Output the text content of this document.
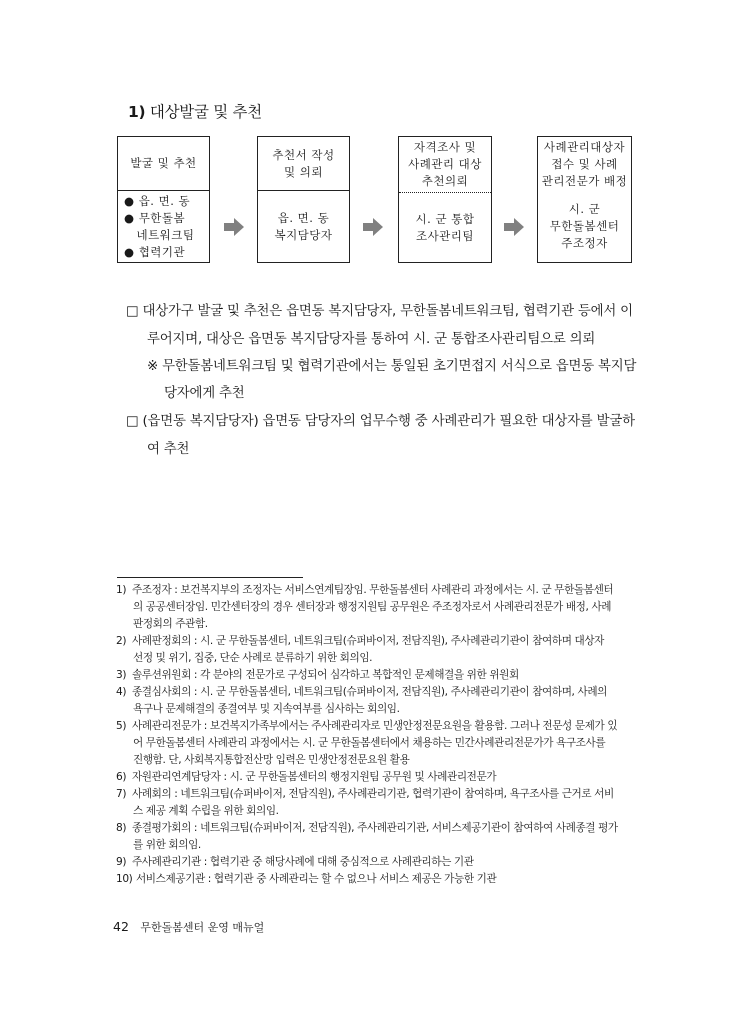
1) 대상발굴 및 추천
발굴 및 추천
● 읍. 면. 동
● 무한돌봄
네트워크팀
● 협력기관
추천서 작성
및 의뢰
읍. 면. 동
복지담당자
자격조사 및
사례관리 대상
추천의뢰
시. 군 통합
조사관리팀
사례관리대상자
접수 및 사례
관리전문가 배정
시. 군
무한돌봄센터
주조정자
□ 대상가구 발굴 및 추천은 읍면동 복지담당자, 무한돌봄네트워크팀, 협력기관 등에서 이
루어지며, 대상은 읍면동 복지담당자를 통하여 시. 군 통합조사관리팀으로 의뢰
※ 무한돌봄네트워크팀 및 협력기관에서는 통일된 초기면접지 서식으로 읍면동 복지담
당자에게 추천
□ (읍면동 복지담당자) 읍면동 담당자의 업무수행 중 사례관리가 필요한 대상자를 발굴하
여 추천
1) 주조정자 : 보건복지부의 조정자는 서비스연계팀장임. 무한돌봄센터 사례관리 과정에서는 시. 군 무한돌봄센터
의 공공센터장임. 민간센터장의 경우 센터장과 행정지원팀 공무원은 주조정자로서 사례관리전문가 배정, 사례
판정회의 주관함.
2) 사례판정회의 : 시. 군 무한돌봄센터, 네트워크팀(슈퍼바이저, 전담직원), 주사례관리기관이 참여하며 대상자
선정 및 위기, 집중, 단순 사례로 분류하기 위한 회의임.
3) 솔루션위원회 : 각 분야의 전문가로 구성되어 심각하고 복합적인 문제해결을 위한 위원회
4) 종결심사회의 : 시. 군 무한돌봄센터, 네트워크팀(슈퍼바이저, 전담직원), 주사례관리기관이 참여하며, 사례의
욕구나 문제해결의 종결여부 및 지속여부를 심사하는 회의임.
5) 사례관리전문가 : 보건복지가족부에서는 주사례관리자로 민생안정전문요원을 활용함. 그러나 전문성 문제가 있
어 무한돌봄센터 사례관리 과정에서는 시. 군 무한돌봄센터에서 채용하는 민간사례관리전문가가 욕구조사를
진행함. 단, 사회복지통합전산망 입력은 민생안정전문요원 활용
6) 자원관리연계담당자 : 시. 군 무한돌봄센터의 행정지원팀 공무원 및 사례관리전문가
7) 사례회의 : 네트워크팀(슈퍼바이저, 전담직원), 주사례관리기관, 협력기관이 참여하며, 욕구조사를 근거로 서비
스 제공 계획 수립을 위한 회의임.
8) 종결평가회의 : 네트워크팀(슈퍼바이저, 전담직원), 주사례관리기관, 서비스제공기관이 참여하여 사례종결 평가
를 위한 회의임.
9) 주사례관리기관 : 협력기관 중 해당사례에 대해 중심적으로 사례관리하는 기관
10) 서비스제공기관 : 협력기관 중 사례관리는 할 수 없으나 서비스 제공은 가능한 기관
42 무한돌봄센터 운영 매뉴얼
